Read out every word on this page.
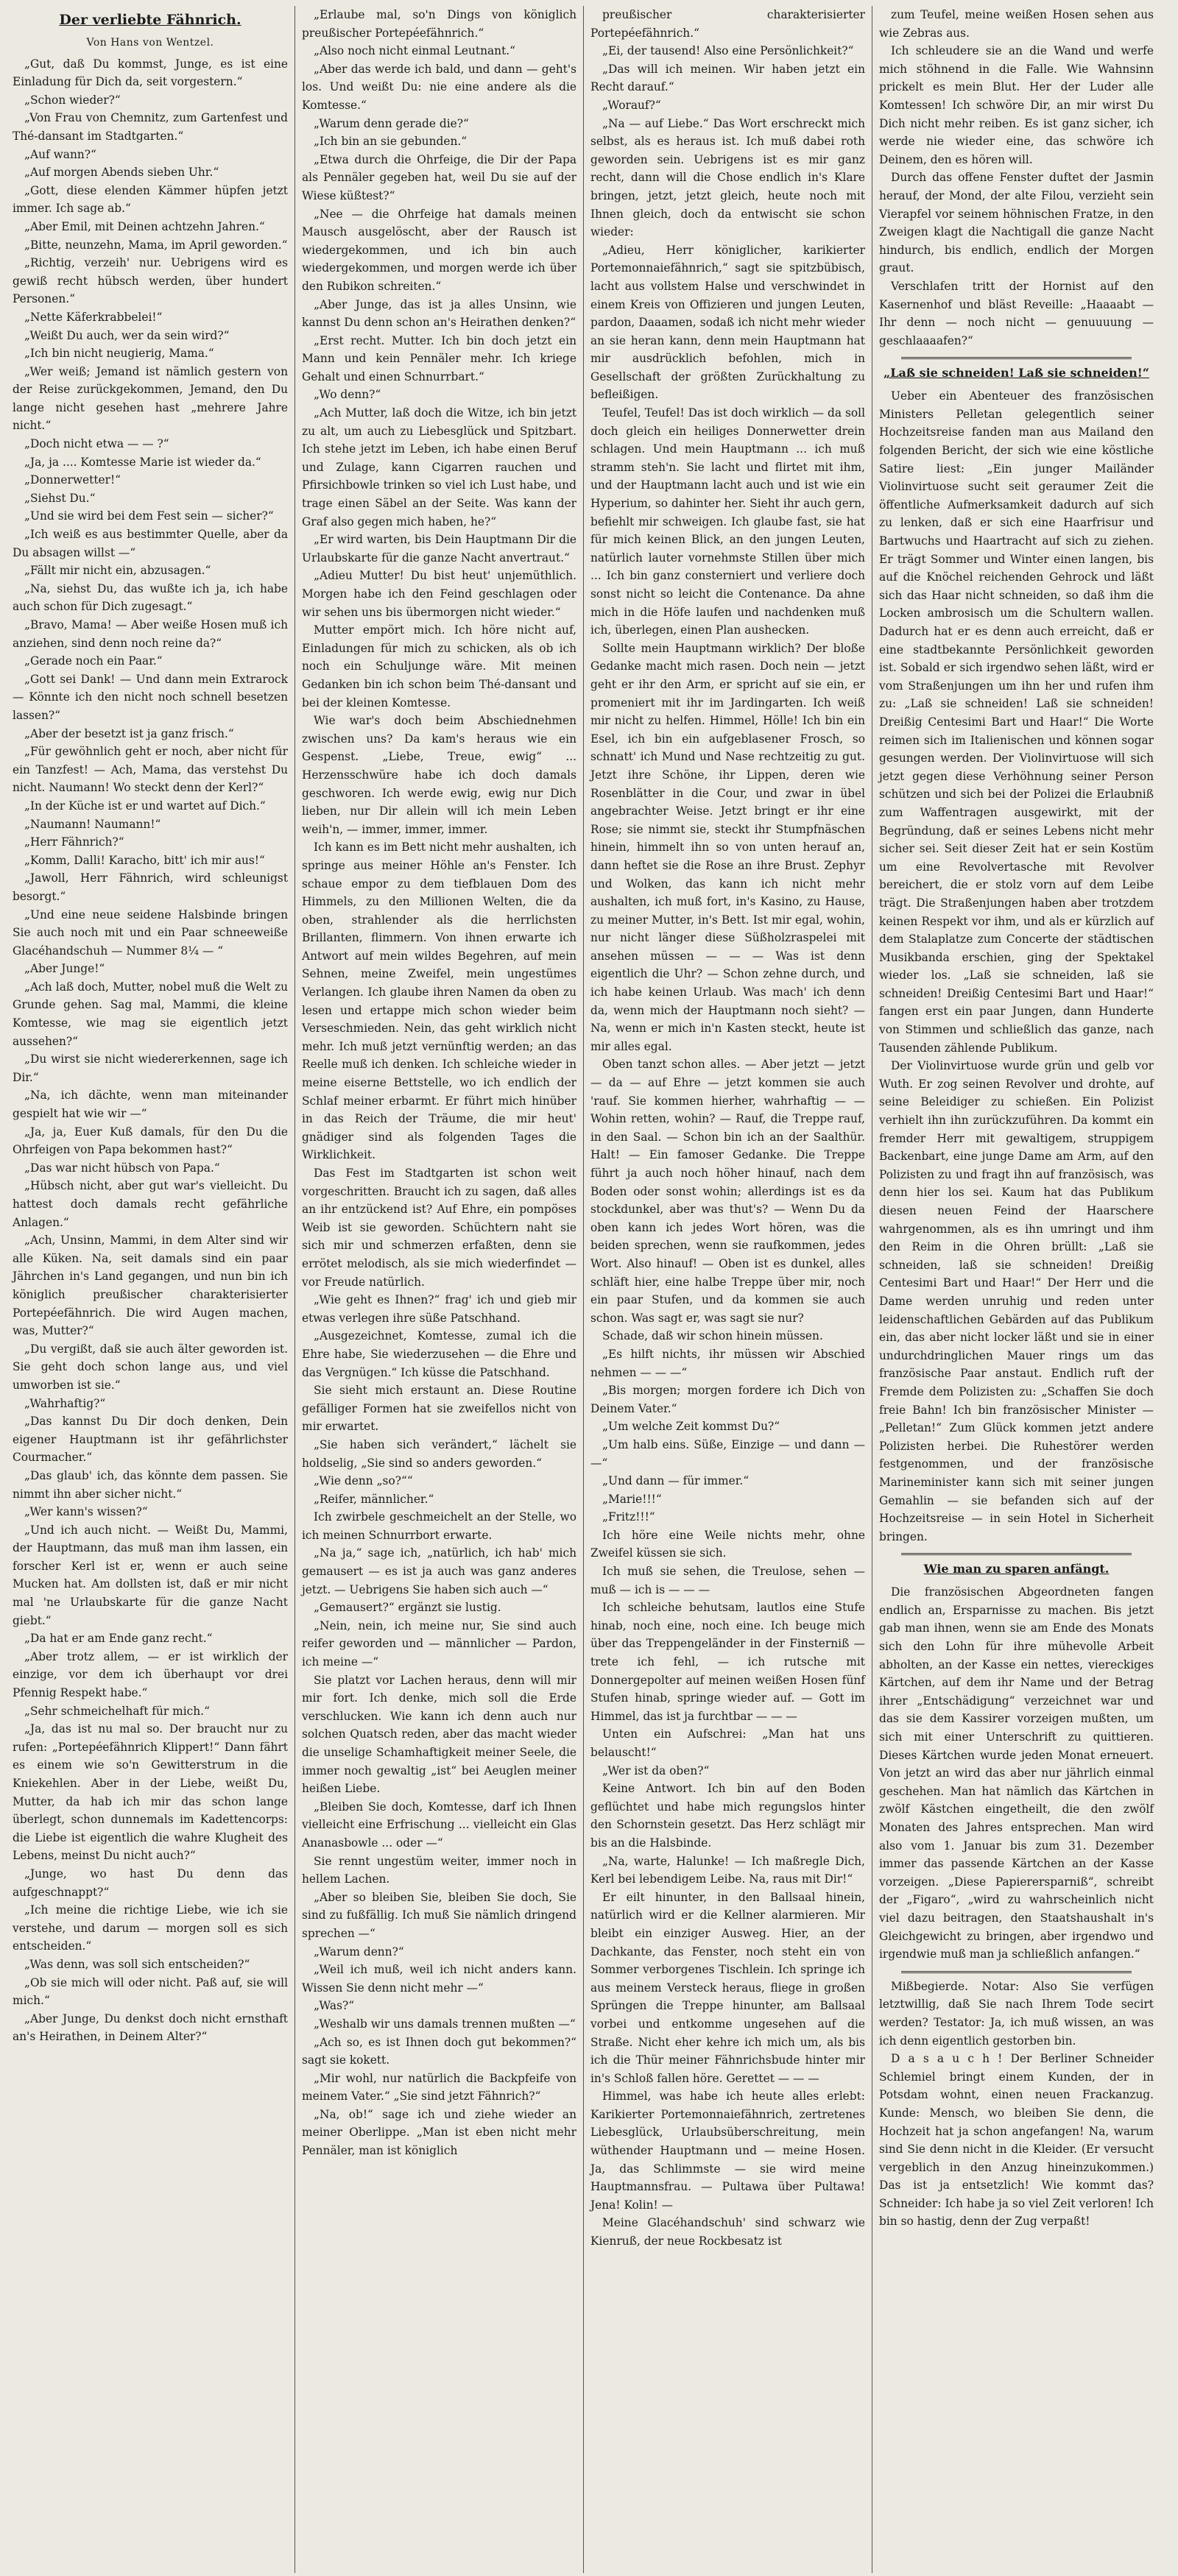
Der verliebte Fähnrich.

Von Hans von Wentzel.

„Gut, daß Du kommst, Junge, es ist eine Einladung für Dich da, seit vorgestern.“

„Schon wieder?“

„Von Frau von Chemnitz, zum Gartenfest und Thé-dansant im Stadtgarten.“

„Auf wann?“

„Auf morgen Abends sieben Uhr.“

„Gott, diese elenden Kämmer hüpfen jetzt immer. Ich sage ab.“

„Aber Emil, mit Deinen achtzehn Jahren.“

„Bitte, neunzehn, Mama, im April geworden.“

„Richtig, verzeih' nur. Uebrigens wird es gewiß recht hübsch werden, über hundert Personen.“

„Nette Käferkrabbelei!“

„Weißt Du auch, wer da sein wird?“

„Ich bin nicht neugierig, Mama.“

„Wer weiß; Jemand ist nämlich gestern von der Reise zurückgekommen, Jemand, den Du lange nicht gesehen hast „mehrere Jahre nicht.“

„Doch nicht etwa — — ?“

„Ja, ja .... Komtesse Marie ist wieder da.“

„Donnerwetter!“

„Siehst Du.“

„Und sie wird bei dem Fest sein — sicher?“

„Ich weiß es aus bestimmter Quelle, aber da Du absagen willst —“

„Fällt mir nicht ein, abzusagen.“

„Na, siehst Du, das wußte ich ja, ich habe auch schon für Dich zugesagt.“

„Bravo, Mama! — Aber weiße Hosen muß ich anziehen, sind denn noch reine da?“

„Gerade noch ein Paar.“

„Gott sei Dank! — Und dann mein Extrarock — Könnte ich den nicht noch schnell besetzen lassen?“

„Aber der besetzt ist ja ganz frisch.“

„Für gewöhnlich geht er noch, aber nicht für ein Tanzfest! — Ach, Mama, das verstehst Du nicht. Naumann! Wo steckt denn der Kerl?“

„In der Küche ist er und wartet auf Dich.“

„Naumann! Naumann!“

„Herr Fähnrich?“

„Komm, Dalli! Karacho, bitt' ich mir aus!“

„Jawoll, Herr Fähnrich, wird schleunigst besorgt.“

„Und eine neue seidene Halsbinde bringen Sie auch noch mit und ein Paar schneeweiße Glacéhandschuh — Nummer 8¼ — “

„Aber Junge!“

„Ach laß doch, Mutter, nobel muß die Welt zu Grunde gehen. Sag mal, Mammi, die kleine Komtesse, wie mag sie eigentlich jetzt aussehen?“

„Du wirst sie nicht wiedererkennen, sage ich Dir.“

„Na, ich dächte, wenn man miteinander gespielt hat wie wir —“

„Ja, ja, Euer Kuß damals, für den Du die Ohrfeigen von Papa bekommen hast?“

„Das war nicht hübsch von Papa.“

„Hübsch nicht, aber gut war's vielleicht. Du hattest doch damals recht gefährliche Anlagen.“

„Ach, Unsinn, Mammi, in dem Alter sind wir alle Küken. Na, seit damals sind ein paar Jährchen in's Land gegangen, und nun bin ich königlich preußischer charakterisierter Portepéefähnrich. Die wird Augen machen, was, Mutter?“

„Du vergißt, daß sie auch älter geworden ist. Sie geht doch schon lange aus, und viel umworben ist sie.“

„Wahrhaftig?“

„Das kannst Du Dir doch denken, Dein eigener Hauptmann ist ihr gefährlichster Courmacher.“

„Das glaub' ich, das könnte dem passen. Sie nimmt ihn aber sicher nicht.“

„Wer kann's wissen?“

„Und ich auch nicht. — Weißt Du, Mammi, der Hauptmann, das muß man ihm lassen, ein forscher Kerl ist er, wenn er auch seine Mucken hat. Am dollsten ist, daß er mir nicht mal 'ne Urlaubskarte für die ganze Nacht giebt.“

„Da hat er am Ende ganz recht.“

„Aber trotz allem, — er ist wirklich der einzige, vor dem ich überhaupt vor drei Pfennig Respekt habe.“

„Sehr schmeichelhaft für mich.“

„Ja, das ist nu mal so. Der braucht nur zu rufen: „Portepéefähnrich Klippert!“ Dann fährt es einem wie so'n Gewitterstrum in die Kniekehlen. Aber in der Liebe, weißt Du, Mutter, da hab ich mir das schon lange überlegt, schon dunnemals im Kadettencorps: die Liebe ist eigentlich die wahre Klugheit des Lebens, meinst Du nicht auch?“

„Junge, wo hast Du denn das aufgeschnappt?“

„Ich meine die richtige Liebe, wie ich sie verstehe, und darum — morgen soll es sich entscheiden.“

„Was denn, was soll sich entscheiden?“

„Ob sie mich will oder nicht. Paß auf, sie will mich.“

„Aber Junge, Du denkst doch nicht ernsthaft an's Heirathen, in Deinem Alter?“

„Erlaube mal, so'n Dings von königlich preußischer Portepéefähnrich.“

„Also noch nicht einmal Leutnant.“

„Aber das werde ich bald, und dann — geht's los. Und weißt Du: nie eine andere als die Komtesse.“

„Warum denn gerade die?“

„Ich bin an sie gebunden.“

„Etwa durch die Ohrfeige, die Dir der Papa als Pennäler gegeben hat, weil Du sie auf der Wiese küßtest?“

„Nee — die Ohrfeige hat damals meinen Mausch ausgelöscht, aber der Rausch ist wiedergekommen, und ich bin auch wiedergekommen, und morgen werde ich über den Rubikon schreiten.“

„Aber Junge, das ist ja alles Unsinn, wie kannst Du denn schon an's Heirathen denken?“

„Erst recht. Mutter. Ich bin doch jetzt ein Mann und kein Pennäler mehr. Ich kriege Gehalt und einen Schnurrbart.“

„Wo denn?“

„Ach Mutter, laß doch die Witze, ich bin jetzt zu alt, um auch zu Liebesglück und Spitzbart. Ich stehe jetzt im Leben, ich habe einen Beruf und Zulage, kann Cigarren rauchen und Pfirsichbowle trinken so viel ich Lust habe, und trage einen Säbel an der Seite. Was kann der Graf also gegen mich haben, he?“

„Er wird warten, bis Dein Hauptmann Dir die Urlaubskarte für die ganze Nacht anvertraut.“

„Adieu Mutter! Du bist heut' unjemüthlich. Morgen habe ich den Feind geschlagen oder wir sehen uns bis übermorgen nicht wieder.“

Mutter empört mich. Ich höre nicht auf, Einladungen für mich zu schicken, als ob ich noch ein Schuljunge wäre. Mit meinen Gedanken bin ich schon beim Thé-dansant und bei der kleinen Komtesse.

Wie war's doch beim Abschiednehmen zwischen uns? Da kam's heraus wie ein Gespenst. „Liebe, Treue, ewig“ ... Herzensschwüre habe ich doch damals geschworen. Ich werde ewig, ewig nur Dich lieben, nur Dir allein will ich mein Leben weih'n, — immer, immer, immer.

Ich kann es im Bett nicht mehr aushalten, ich springe aus meiner Höhle an's Fenster. Ich schaue empor zu dem tiefblauen Dom des Himmels, zu den Millionen Welten, die da oben, strahlender als die herrlichsten Brillanten, flimmern. Von ihnen erwarte ich Antwort auf mein wildes Begehren, auf mein Sehnen, meine Zweifel, mein ungestümes Verlangen. Ich glaube ihren Namen da oben zu lesen und ertappe mich schon wieder beim Verseschmieden. Nein, das geht wirklich nicht mehr. Ich muß jetzt vernünftig werden; an das Reelle muß ich denken. Ich schleiche wieder in meine eiserne Bettstelle, wo ich endlich der Schlaf meiner erbarmt. Er führt mich hinüber in das Reich der Träume, die mir heut' gnädiger sind als folgenden Tages die Wirklichkeit.

Das Fest im Stadtgarten ist schon weit vorgeschritten. Braucht ich zu sagen, daß alles an ihr entzückend ist? Auf Ehre, ein pompöses Weib ist sie geworden. Schüchtern naht sie sich mir und schmerzen erfaßten, denn sie errötet melodisch, als sie mich wiederfindet — vor Freude natürlich.

„Wie geht es Ihnen?“ frag' ich und gieb mir etwas verlegen ihre süße Patschhand.

„Ausgezeichnet, Komtesse, zumal ich die Ehre habe, Sie wiederzusehen — die Ehre und das Vergnügen.“ Ich küsse die Patschhand.

Sie sieht mich erstaunt an. Diese Routine gefälliger Formen hat sie zweifellos nicht von mir erwartet.

„Sie haben sich verändert,“ lächelt sie holdselig, „Sie sind so anders geworden.“

„Wie denn „so?““

„Reifer, männlicher.“

Ich zwirbele geschmeichelt an der Stelle, wo ich meinen Schnurrbort erwarte.

„Na ja,“ sage ich, „natürlich, ich hab' mich gemausert — es ist ja auch was ganz anderes jetzt. — Uebrigens Sie haben sich auch —“

„Gemausert?“ ergänzt sie lustig.

„Nein, nein, ich meine nur, Sie sind auch reifer geworden und — männlicher — Pardon, ich meine —“

Sie platzt vor Lachen heraus, denn will mir mir fort. Ich denke, mich soll die Erde verschlucken. Wie kann ich denn auch nur solchen Quatsch reden, aber das macht wieder die unselige Schamhaftigkeit meiner Seele, die immer noch gewaltig „ist“ bei Aeuglen meiner heißen Liebe.

„Bleiben Sie doch, Komtesse, darf ich Ihnen vielleicht eine Erfrischung ... vielleicht ein Glas Ananasbowle ... oder —“

Sie rennt ungestüm weiter, immer noch in hellem Lachen.

„Aber so bleiben Sie, bleiben Sie doch, Sie sind zu fußfällig. Ich muß Sie nämlich dringend sprechen —“

„Warum denn?“

„Weil ich muß, weil ich nicht anders kann. Wissen Sie denn nicht mehr —“

„Was?“

„Weshalb wir uns damals trennen mußten —“

„Ach so, es ist Ihnen doch gut bekommen?“ sagt sie kokett.

„Mir wohl, nur natürlich die Backpfeife von meinem Vater.“ „Sie sind jetzt Fähnrich?“

„Na, ob!“ sage ich und ziehe wieder an meiner Oberlippe. „Man ist eben nicht mehr Pennäler, man ist königlich

preußischer charakterisierter Portepéefähnrich.“

„Ei, der tausend! Also eine Persönlichkeit?“

„Das will ich meinen. Wir haben jetzt ein Recht darauf.“

„Worauf?“

„Na — auf Liebe.“ Das Wort erschreckt mich selbst, als es heraus ist. Ich muß dabei roth geworden sein. Uebrigens ist es mir ganz recht, dann will die Chose endlich in's Klare bringen, jetzt, jetzt gleich, heute noch mit Ihnen gleich, doch da entwischt sie schon wieder:

„Adieu, Herr königlicher, karikierter Portemonnaiefähnrich,“ sagt sie spitzbübisch, lacht aus vollstem Halse und verschwindet in einem Kreis von Offizieren und jungen Leuten, pardon, Daaamen, sodaß ich nicht mehr wieder an sie heran kann, denn mein Hauptmann hat mir ausdrücklich befohlen, mich in Gesellschaft der größten Zurückhaltung zu befleißigen.

Teufel, Teufel! Das ist doch wirklich — da soll doch gleich ein heiliges Donnerwetter drein schlagen. Und mein Hauptmann ... ich muß stramm steh'n. Sie lacht und flirtet mit ihm, und der Hauptmann lacht auch und ist wie ein Hyperium, so dahinter her. Sieht ihr auch gern, befiehlt mir schweigen. Ich glaube fast, sie hat für mich keinen Blick, an den jungen Leuten, natürlich lauter vornehmste Stillen über mich ... Ich bin ganz consterniert und verliere doch sonst nicht so leicht die Contenance. Da ahne mich in die Höfe laufen und nachdenken muß ich, überlegen, einen Plan aushecken.

Sollte mein Hauptmann wirklich? Der bloße Gedanke macht mich rasen. Doch nein — jetzt geht er ihr den Arm, er spricht auf sie ein, er promeniert mit ihr im Jardingarten. Ich weiß mir nicht zu helfen. Himmel, Hölle! Ich bin ein Esel, ich bin ein aufgeblasener Frosch, so schnatt' ich Mund und Nase rechtzeitig zu gut. Jetzt ihre Schöne, ihr Lippen, deren wie Rosenblätter in die Cour, und zwar in übel angebrachter Weise. Jetzt bringt er ihr eine Rose; sie nimmt sie, steckt ihr Stumpfnäschen hinein, himmelt ihn so von unten herauf an, dann heftet sie die Rose an ihre Brust. Zephyr und Wolken, das kann ich nicht mehr aushalten, ich muß fort, in's Kasino, zu Hause, zu meiner Mutter, in's Bett. Ist mir egal, wohin, nur nicht länger diese Süßholzraspelei mit ansehen müssen — — — Was ist denn eigentlich die Uhr? — Schon zehne durch, und ich habe keinen Urlaub. Was mach' ich denn da, wenn mich der Hauptmann noch sieht? — Na, wenn er mich in'n Kasten steckt, heute ist mir alles egal.

Oben tanzt schon alles. — Aber jetzt — jetzt — da — auf Ehre — jetzt kommen sie auch 'rauf. Sie kommen hierher, wahrhaftig — — Wohin retten, wohin? — Rauf, die Treppe rauf, in den Saal. — Schon bin ich an der Saalthür. Halt! — Ein famoser Gedanke. Die Treppe führt ja auch noch höher hinauf, nach dem Boden oder sonst wohin; allerdings ist es da stockdunkel, aber was thut's? — Wenn Du da oben kann ich jedes Wort hören, was die beiden sprechen, wenn sie raufkommen, jedes Wort. Also hinauf! — Oben ist es dunkel, alles schläft hier, eine halbe Treppe über mir, noch ein paar Stufen, und da kommen sie auch schon. Was sagt er, was sagt sie nur?

Schade, daß wir schon hinein müssen.

„Es hilft nichts, ihr müssen wir Abschied nehmen — — —“

„Bis morgen; morgen fordere ich Dich von Deinem Vater.“

„Um welche Zeit kommst Du?“

„Um halb eins. Süße, Einzige — und dann — —“

„Und dann — für immer.“

„Marie!!!“

„Fritz!!!“

Ich höre eine Weile nichts mehr, ohne Zweifel küssen sie sich.

Ich muß sie sehen, die Treulose, sehen — muß — ich is — — —

Ich schleiche behutsam, lautlos eine Stufe hinab, noch eine, noch eine. Ich beuge mich über das Treppengeländer in der Finsterniß — trete ich fehl, — ich rutsche mit Donnergepolter auf meinen weißen Hosen fünf Stufen hinab, springe wieder auf. — Gott im Himmel, das ist ja furchtbar — — —

Unten ein Aufschrei: „Man hat uns belauscht!“

„Wer ist da oben?“

Keine Antwort. Ich bin auf den Boden geflüchtet und habe mich regungslos hinter den Schornstein gesetzt. Das Herz schlägt mir bis an die Halsbinde.

„Na, warte, Halunke! — Ich maßregle Dich, Kerl bei lebendigem Leibe. Na, raus mit Dir!“

Er eilt hinunter, in den Ballsaal hinein, natürlich wird er die Kellner alarmieren. Mir bleibt ein einziger Ausweg. Hier, an der Dachkante, das Fenster, noch steht ein von Sommer verborgenes Tischlein. Ich springe ich aus meinem Versteck heraus, fliege in großen Sprüngen die Treppe hinunter, am Ballsaal vorbei und entkomme ungesehen auf die Straße. Nicht eher kehre ich mich um, als bis ich die Thür meiner Fähnrichsbude hinter mir in's Schloß fallen höre. Gerettet — — —

Himmel, was habe ich heute alles erlebt: Karikierter Portemonnaiefähnrich, zertretenes Liebesglück, Urlaubsüberschreitung, mein wüthender Hauptmann und — meine Hosen. Ja, das Schlimmste — sie wird meine Hauptmannsfrau. — Pultawa über Pultawa! Jena! Kolin! —

Meine Glacéhandschuh' sind schwarz wie Kienruß, der neue Rockbesatz ist

zum Teufel, meine weißen Hosen sehen aus wie Zebras aus.

Ich schleudere sie an die Wand und werfe mich stöhnend in die Falle. Wie Wahnsinn prickelt es mein Blut. Her der Luder alle Komtessen! Ich schwöre Dir, an mir wirst Du Dich nicht mehr reiben. Es ist ganz sicher, ich werde nie wieder eine, das schwöre ich Deinem, den es hören will.

Durch das offene Fenster duftet der Jasmin herauf, der Mond, der alte Filou, verzieht sein Vierapfel vor seinem höhnischen Fratze, in den Zweigen klagt die Nachtigall die ganze Nacht hindurch, bis endlich, endlich der Morgen graut.

Verschlafen tritt der Hornist auf den Kasernenhof und bläst Reveille: „Haaaabt — Ihr denn — noch nicht — genuuuung — geschlaaaafen?“

„Laß sie schneiden! Laß sie schneiden!“

Ueber ein Abenteuer des französischen Ministers Pelletan gelegentlich seiner Hochzeitsreise fanden man aus Mailand den folgenden Bericht, der sich wie eine köstliche Satire liest: „Ein junger Mailänder Violinvirtuose sucht seit geraumer Zeit die öffentliche Aufmerksamkeit dadurch auf sich zu lenken, daß er sich eine Haarfrisur und Bartwuchs und Haartracht auf sich zu ziehen. Er trägt Sommer und Winter einen langen, bis auf die Knöchel reichenden Gehrock und läßt sich das Haar nicht schneiden, so daß ihm die Locken ambrosisch um die Schultern wallen. Dadurch hat er es denn auch erreicht, daß er eine stadtbekannte Persönlichkeit geworden ist. Sobald er sich irgendwo sehen läßt, wird er vom Straßenjungen um ihn her und rufen ihm zu: „Laß sie schneiden! Laß sie schneiden! Dreißig Centesimi Bart und Haar!“ Die Worte reimen sich im Italienischen und können sogar gesungen werden. Der Violinvirtuose will sich jetzt gegen diese Verhöhnung seiner Person schützen und sich bei der Polizei die Erlaubniß zum Waffentragen ausgewirkt, mit der Begründung, daß er seines Lebens nicht mehr sicher sei. Seit dieser Zeit hat er sein Kostüm um eine Revolvertasche mit Revolver bereichert, die er stolz vorn auf dem Leibe trägt. Die Straßenjungen haben aber trotzdem keinen Respekt vor ihm, und als er kürzlich auf dem Stalaplatze zum Concerte der städtischen Musikbanda erschien, ging der Spektakel wieder los. „Laß sie schneiden, laß sie schneiden! Dreißig Centesimi Bart und Haar!“ fangen erst ein paar Jungen, dann Hunderte von Stimmen und schließlich das ganze, nach Tausenden zählende Publikum.

Der Violinvirtuose wurde grün und gelb vor Wuth. Er zog seinen Revolver und drohte, auf seine Beleidiger zu schießen. Ein Polizist verhielt ihn ihn zurückzuführen. Da kommt ein fremder Herr mit gewaltigem, struppigem Backenbart, eine junge Dame am Arm, auf den Polizisten zu und fragt ihn auf französisch, was denn hier los sei. Kaum hat das Publikum diesen neuen Feind der Haarschere wahrgenommen, als es ihn umringt und ihm den Reim in die Ohren brüllt: „Laß sie schneiden, laß sie schneiden! Dreißig Centesimi Bart und Haar!“ Der Herr und die Dame werden unruhig und reden unter leidenschaftlichen Gebärden auf das Publikum ein, das aber nicht locker läßt und sie in einer undurchdringlichen Mauer rings um das französische Paar anstaut. Endlich ruft der Fremde dem Polizisten zu: „Schaffen Sie doch freie Bahn! Ich bin französischer Minister — „Pelletan!“ Zum Glück kommen jetzt andere Polizisten herbei. Die Ruhestörer werden festgenommen, und der französische Marineminister kann sich mit seiner jungen Gemahlin — sie befanden sich auf der Hochzeitsreise — in sein Hotel in Sicherheit bringen.

Wie man zu sparen anfängt.

Die französischen Abgeordneten fangen endlich an, Ersparnisse zu machen. Bis jetzt gab man ihnen, wenn sie am Ende des Monats sich den Lohn für ihre mühevolle Arbeit abholten, an der Kasse ein nettes, viereckiges Kärtchen, auf dem ihr Name und der Betrag ihrer „Entschädigung“ verzeichnet war und das sie dem Kassirer vorzeigen mußten, um sich mit einer Unterschrift zu quittieren. Dieses Kärtchen wurde jeden Monat erneuert. Von jetzt an wird das aber nur jährlich einmal geschehen. Man hat nämlich das Kärtchen in zwölf Kästchen eingetheilt, die den zwölf Monaten des Jahres entsprechen. Man wird also vom 1. Januar bis zum 31. Dezember immer das passende Kärtchen an der Kasse vorzeigen. „Diese Papierersparniß“, schreibt der „Figaro“, „wird zu wahrscheinlich nicht viel dazu beitragen, den Staatshaushalt in's Gleichgewicht zu bringen, aber irgendwo und irgendwie muß man ja schließlich anfangen.“

Mißbegierde. Notar: Also Sie verfügen letztwillig, daß Sie nach Ihrem Tode secirt werden? Testator: Ja, ich muß wissen, an was ich denn eigentlich gestorben bin.

D a s a u c h ! Der Berliner Schneider Schlemiel bringt einem Kunden, der in Potsdam wohnt, einen neuen Frackanzug. Kunde: Mensch, wo bleiben Sie denn, die Hochzeit hat ja schon angefangen! Na, warum sind Sie denn nicht in die Kleider. (Er versucht vergeblich in den Anzug hineinzukommen.) Das ist ja entsetzlich! Wie kommt das? Schneider: Ich habe ja so viel Zeit verloren! Ich bin so hastig, denn der Zug verpaßt!
